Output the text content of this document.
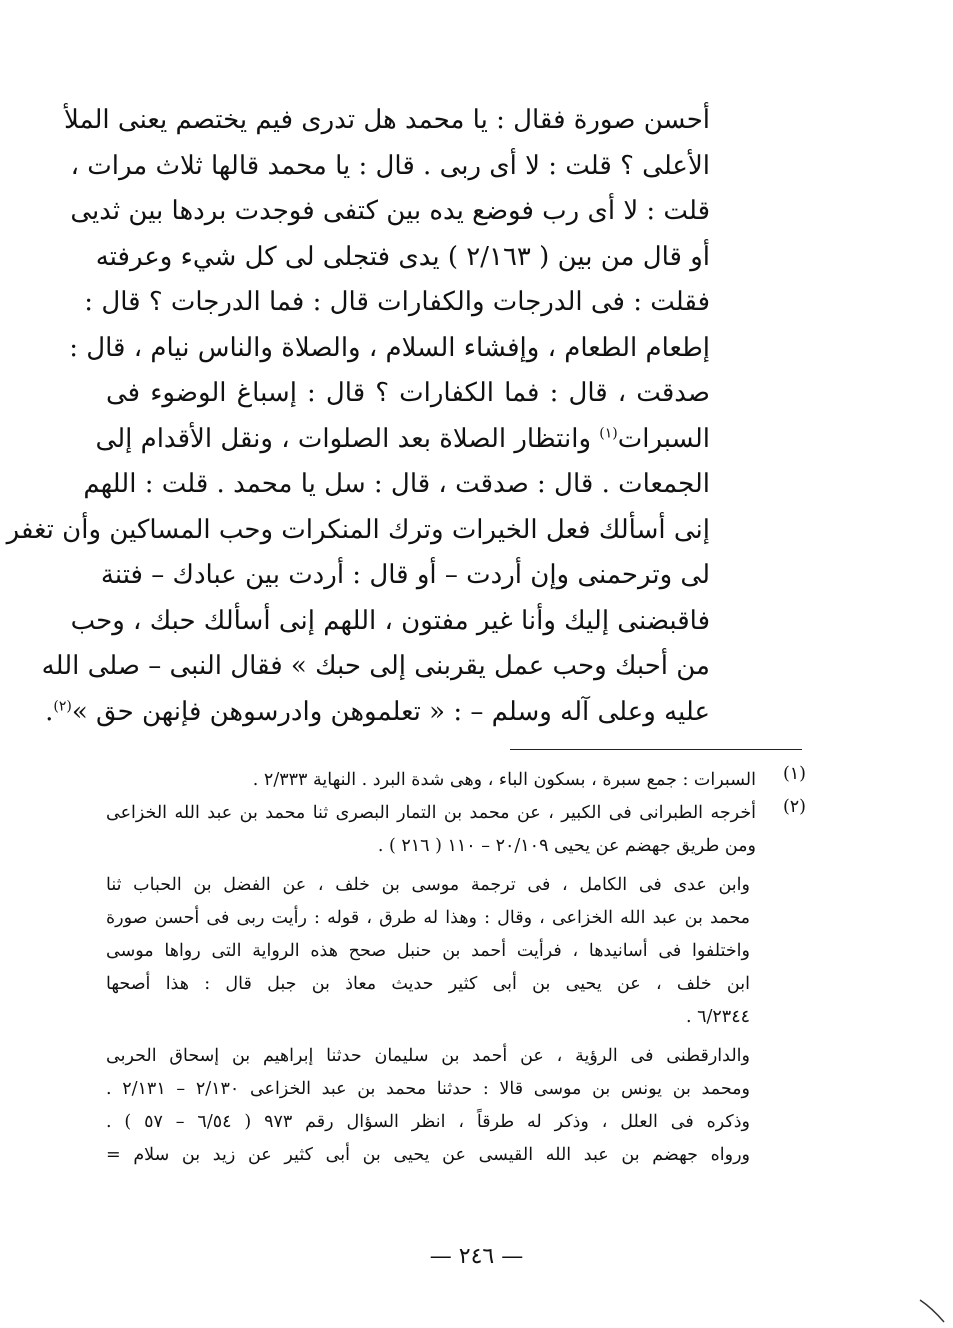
أحسن صورة فقال : يا محمد هل تدرى فيم يختصم يعنى الملأ
الأعلى ؟ قلت : لا أى ربى . قال : يا محمد قالها ثلاث مرات ،
قلت : لا أى رب فوضع يده بين كتفى فوجدت بردها بين ثديى
أو قال من بين ( ٢/١٦٣ ) يدى فتجلى لى كل شيء وعرفته
فقلت : فى الدرجات والكفارات قال : فما الدرجات ؟ قال :
إطعام الطعام ، وإفشاء السلام ، والصلاة والناس نيام ، قال :
صدقت ، قال : فما الكفارات ؟ قال : إسباغ الوضوء فى
السبرات$^{(١)}$ وانتظار الصلاة بعد الصلوات ، ونقل الأقدام إلى
الجمعات . قال : صدقت ، قال : سل يا محمد . قلت : اللهم
إنى أسألك فعل الخيرات وترك المنكرات وحب المساكين وأن تغفر
لى وترحمنى وإن أردت – أو قال : أردت بين عبادك – فتنة
فاقبضنى إليك وأنا غير مفتون ، اللهم إنى أسألك حبك ، وحب
من أحبك وحب عمل يقربنى إلى حبك » فقال النبى – صلى الله
عليه وعلى آله وسلم – : « تعلموهن وادرسوهن فإنهن حق »$^{(٢)}$.
(١)
السبرات : جمع سبرة ، بسكون الباء ، وهى شدة البرد . النهاية ٢/٣٣٣ .
(٢)
أخرجه الطبرانى فى الكبير ، عن محمد بن التمار البصرى ثنا محمد بن عبد الله الخزاعى
ومن طريق جهضم عن يحيى ٢٠/١٠٩ – ١١٠ ( ٢١٦ ) .
وابن عدى فى الكامل ، فى ترجمة موسى بن خلف ، عن الفضل بن الحباب ثنا
محمد بن عبد الله الخزاعى ، وقال : وهذا له طرق ، قوله : رأيت ربى فى أحسن صورة
واختلفوا فى أسانيدها ، فرأيت أحمد بن حنبل صحح هذه الرواية التى رواها موسى
ابن خلف ، عن يحيى بن أبى كثير حديث معاذ بن جبل قال : هذا أصحها
٦/٢٣٤٤ .
والدارقطنى فى الرؤية ، عن أحمد بن سليمان حدثنا إبراهيم بن إسحاق الحربى
ومحمد بن يونس بن موسى قالا : حدثنا محمد بن عبد الخزاعى ٢/١٣٠ – ٢/١٣١ .
وذكره فى العلل ، وذكر له طرقاً ، انظر السؤال رقم ٩٧٣ ( ٦/٥٤ – ٥٧ ) .
ورواه جهضم بن عبد الله القيسى عن يحيى بن أبى كثير عن زيد بن سلام =
— ٢٤٦ —
